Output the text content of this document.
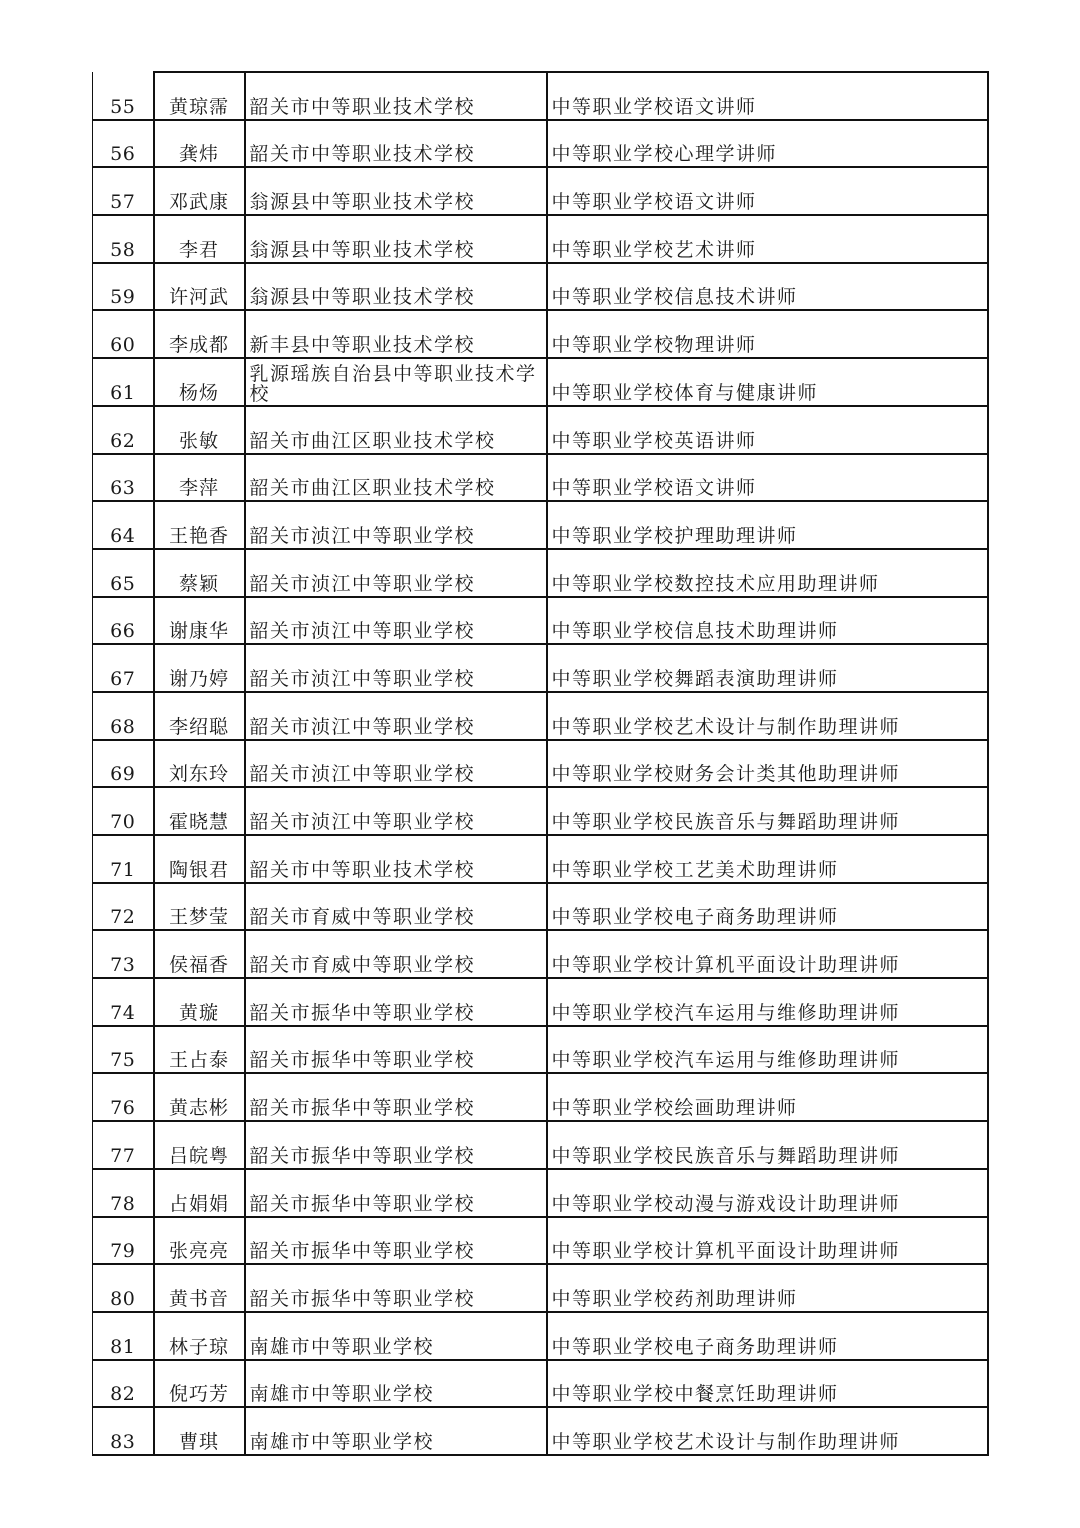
55	黄琼霈	韶关市中等职业技术学校	中等职业学校语文讲师
56	龚炜	韶关市中等职业技术学校	中等职业学校心理学讲师
57	邓武康	翁源县中等职业技术学校	中等职业学校语文讲师
58	李君	翁源县中等职业技术学校	中等职业学校艺术讲师
59	许河武	翁源县中等职业技术学校	中等职业学校信息技术讲师
60	李成都	新丰县中等职业技术学校	中等职业学校物理讲师
61	杨炀	乳源瑶族自治县中等职业技术学校	中等职业学校体育与健康讲师
62	张敏	韶关市曲江区职业技术学校	中等职业学校英语讲师
63	李萍	韶关市曲江区职业技术学校	中等职业学校语文讲师
64	王艳香	韶关市浈江中等职业学校	中等职业学校护理助理讲师
65	蔡颖	韶关市浈江中等职业学校	中等职业学校数控技术应用助理讲师
66	谢康华	韶关市浈江中等职业学校	中等职业学校信息技术助理讲师
67	谢乃婷	韶关市浈江中等职业学校	中等职业学校舞蹈表演助理讲师
68	李绍聪	韶关市浈江中等职业学校	中等职业学校艺术设计与制作助理讲师
69	刘东玲	韶关市浈江中等职业学校	中等职业学校财务会计类其他助理讲师
70	霍晓慧	韶关市浈江中等职业学校	中等职业学校民族音乐与舞蹈助理讲师
71	陶银君	韶关市中等职业技术学校	中等职业学校工艺美术助理讲师
72	王梦莹	韶关市育威中等职业学校	中等职业学校电子商务助理讲师
73	侯福香	韶关市育威中等职业学校	中等职业学校计算机平面设计助理讲师
74	黄璇	韶关市振华中等职业学校	中等职业学校汽车运用与维修助理讲师
75	王占泰	韶关市振华中等职业学校	中等职业学校汽车运用与维修助理讲师
76	黄志彬	韶关市振华中等职业学校	中等职业学校绘画助理讲师
77	吕皖粤	韶关市振华中等职业学校	中等职业学校民族音乐与舞蹈助理讲师
78	占娟娟	韶关市振华中等职业学校	中等职业学校动漫与游戏设计助理讲师
79	张亮亮	韶关市振华中等职业学校	中等职业学校计算机平面设计助理讲师
80	黄书音	韶关市振华中等职业学校	中等职业学校药剂助理讲师
81	林子琼	南雄市中等职业学校	中等职业学校电子商务助理讲师
82	倪巧芳	南雄市中等职业学校	中等职业学校中餐烹饪助理讲师
83	曹琪	南雄市中等职业学校	中等职业学校艺术设计与制作助理讲师
